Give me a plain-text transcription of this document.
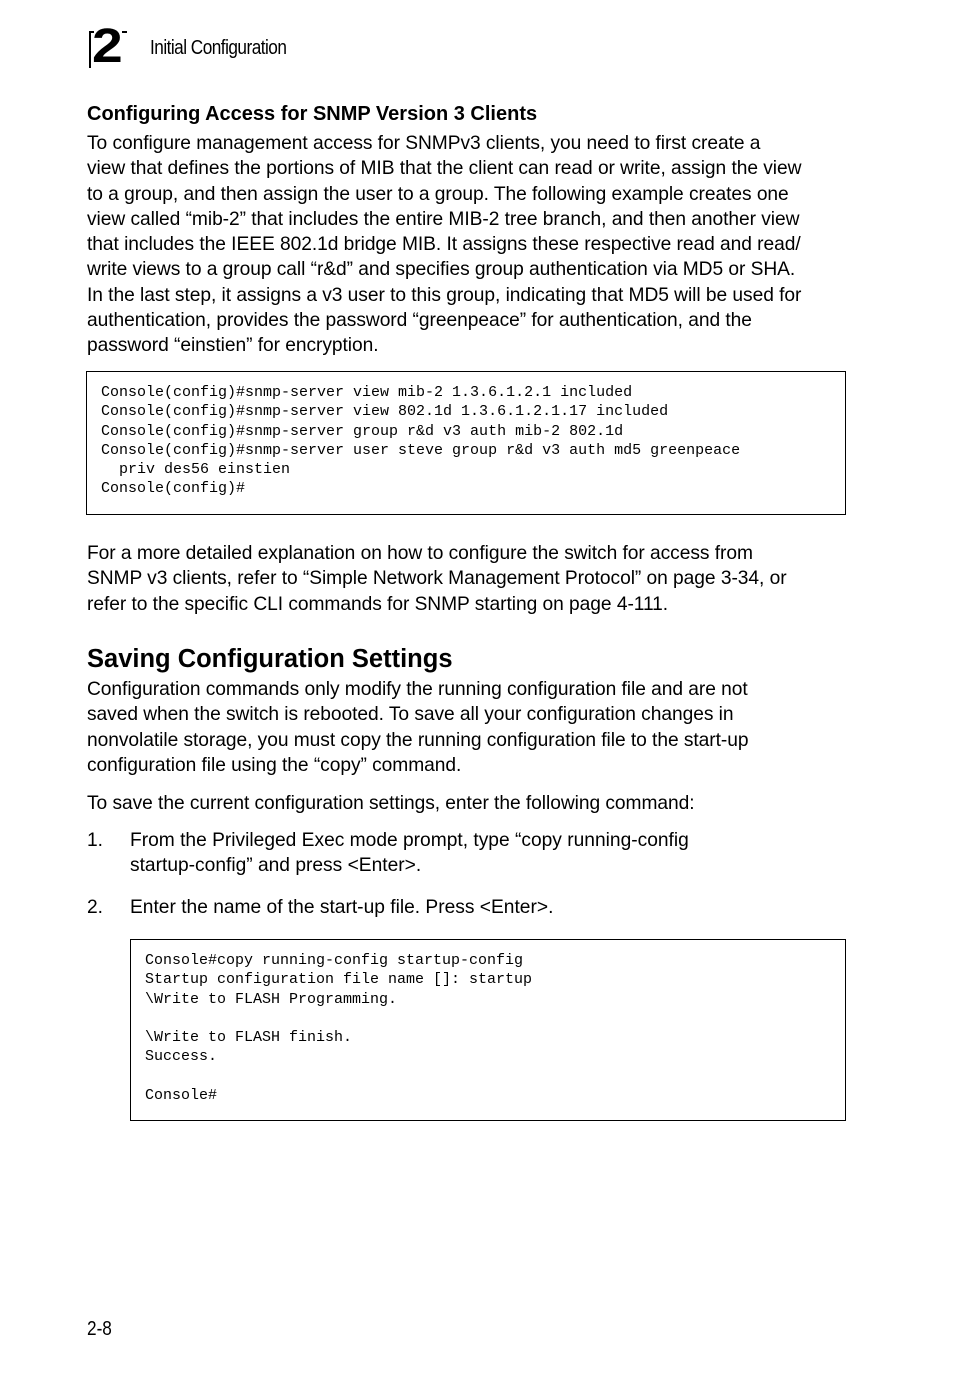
2 Initial Configuration
Configuring Access for SNMP Version 3 Clients
To configure management access for SNMPv3 clients, you need to first create a
view that defines the portions of MIB that the client can read or write, assign the view
to a group, and then assign the user to a group. The following example creates one
view called “mib-2” that includes the entire MIB-2 tree branch, and then another view
that includes the IEEE 802.1d bridge MIB. It assigns these respective read and read/
write views to a group call “r&d” and specifies group authentication via MD5 or SHA.
In the last step, it assigns a v3 user to this group, indicating that MD5 will be used for
authentication, provides the password “greenpeace” for authentication, and the
password “einstien” for encryption.
Console(config)#snmp-server view mib-2 1.3.6.1.2.1 included
Console(config)#snmp-server view 802.1d 1.3.6.1.2.1.17 included
Console(config)#snmp-server group r&d v3 auth mib-2 802.1d
Console(config)#snmp-server user steve group r&d v3 auth md5 greenpeace
priv des56 einstien
Console(config)#
For a more detailed explanation on how to configure the switch for access from
SNMP v3 clients, refer to “Simple Network Management Protocol” on page 3-34, or
refer to the specific CLI commands for SNMP starting on page 4-111.
Saving Configuration Settings
Configuration commands only modify the running configuration file and are not
saved when the switch is rebooted. To save all your configuration changes in
nonvolatile storage, you must copy the running configuration file to the start-up
configuration file using the “copy” command.
To save the current configuration settings, enter the following command:
1. From the Privileged Exec mode prompt, type “copy running-config
startup-config” and press <Enter>.
2. Enter the name of the start-up file. Press <Enter>.
Console#copy running-config startup-config
Startup configuration file name []: startup
\Write to FLASH Programming.
\Write to FLASH finish.
Success.
Console#
2-8
